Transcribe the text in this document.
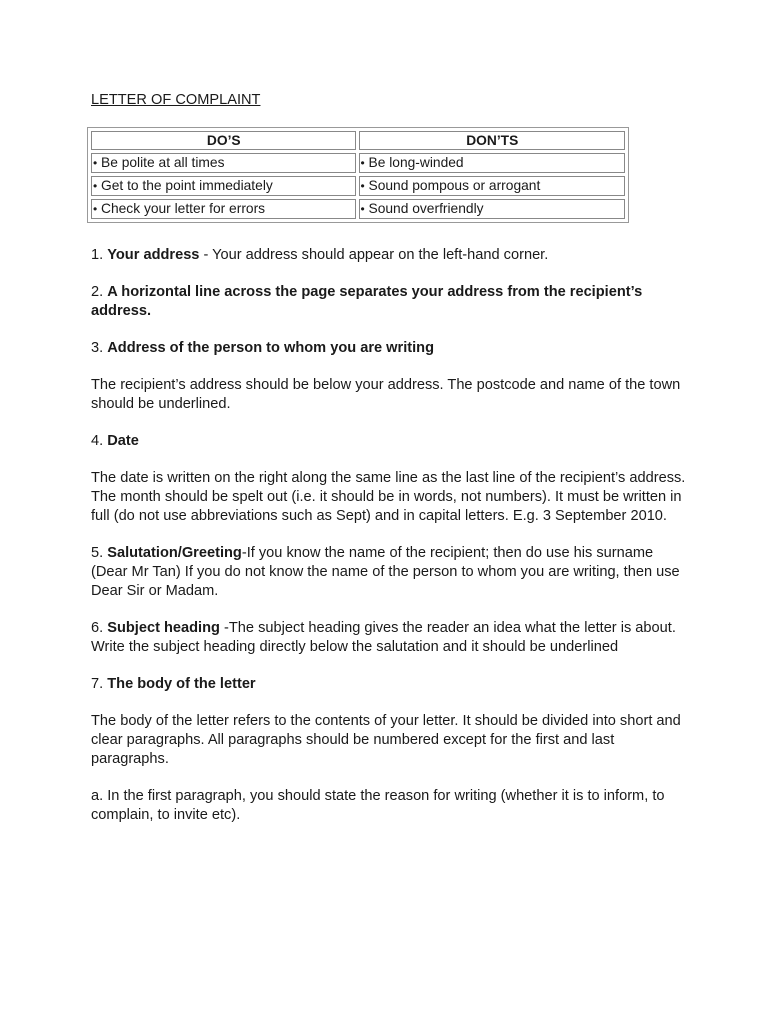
LETTER OF COMPLAINT
DO’S	DON’TS
• Be polite at all times	• Be long-winded
• Get to the point immediately	• Sound pompous or arrogant
• Check your letter for errors	• Sound overfriendly

1. Your address - Your address should appear on the left-hand corner.

2. A horizontal line across the page separates your address from the recipient’s address.

3. Address of the person to whom you are writing

The recipient’s address should be below your address. The postcode and name of the town should be underlined.

4. Date

The date is written on the right along the same line as the last line of the recipient’s address. The month should be spelt out (i.e. it should be in words, not numbers). It must be written in full (do not use abbreviations such as Sept) and in capital letters. E.g. 3 September 2010.

5. Salutation/Greeting-If you know the name of the recipient; then do use his surname (Dear Mr Tan) If you do not know the name of the person to whom you are writing, then use Dear Sir or Madam.

6. Subject heading -The subject heading gives the reader an idea what the letter is about. Write the subject heading directly below the salutation and it should be underlined

7. The body of the letter

The body of the letter refers to the contents of your letter. It should be divided into short and clear paragraphs. All paragraphs should be numbered except for the first and last paragraphs.

a. In the first paragraph, you should state the reason for writing (whether it is to inform, to complain, to invite etc).
